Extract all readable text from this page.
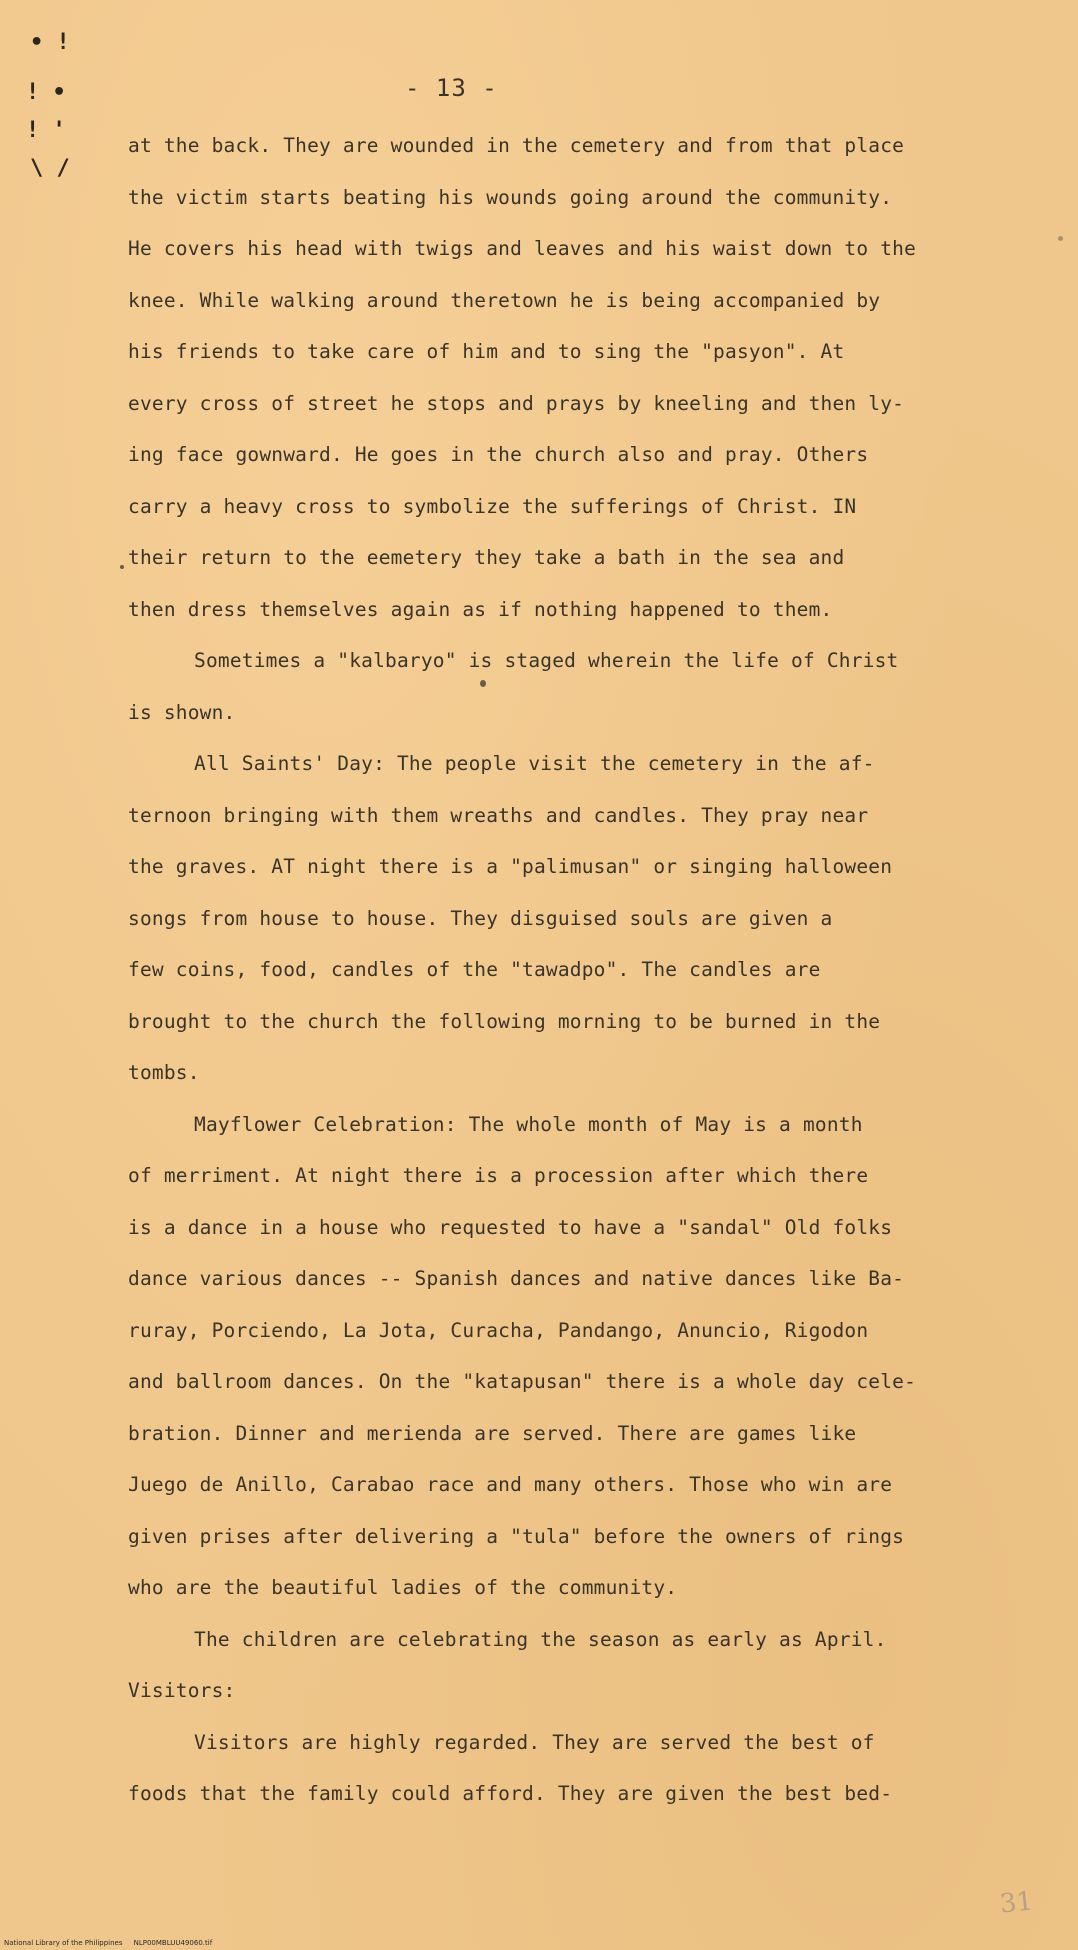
• !
! •
! '
\ /
- 13 -
at the back. They are wounded in the cemetery and from that place
the victim starts beating his wounds going around the community.
He covers his head with twigs and leaves and his waist down to the
knee. While walking around theretown he is being accompanied by
his friends to take care of him and to sing the "pasyon". At
every cross of street he stops and prays by kneeling and then ly-
ing face gownward. He goes in the church also and pray. Others
carry a heavy cross to symbolize the sufferings of Christ. IN
their return to the eemetery they take a bath in the sea and
then dress themselves again as if nothing happened to them.
Sometimes a "kalbaryo" is staged wherein the life of Christ
is shown.
All Saints' Day: The people visit the cemetery in the af-
ternoon bringing with them wreaths and candles. They pray near
the graves. AT night there is a "palimusan" or singing halloween
songs from house to house. They disguised souls are given a
few coins, food, candles of the "tawadpo". The candles are
brought to the church the following morning to be burned in the
tombs.
Mayflower Celebration: The whole month of May is a month
of merriment. At night there is a procession after which there
is a dance in a house who requested to have a "sandal" Old folks
dance various dances -- Spanish dances and native dances like Ba-
ruray, Porciendo, La Jota, Curacha, Pandango, Anuncio, Rigodon
and ballroom dances. On the "katapusan" there is a whole day cele-
bration. Dinner and merienda are served. There are games like
Juego de Anillo, Carabao race and many others. Those who win are
given prises after delivering a "tula" before the owners of rings
who are the beautiful ladies of the community.
The children are celebrating the season as early as April.
Visitors:
Visitors are highly regarded. They are served the best of
foods that the family could afford. They are given the best bed-
31
National Library of the Philippines     NLP00MBLUU49060.tif
